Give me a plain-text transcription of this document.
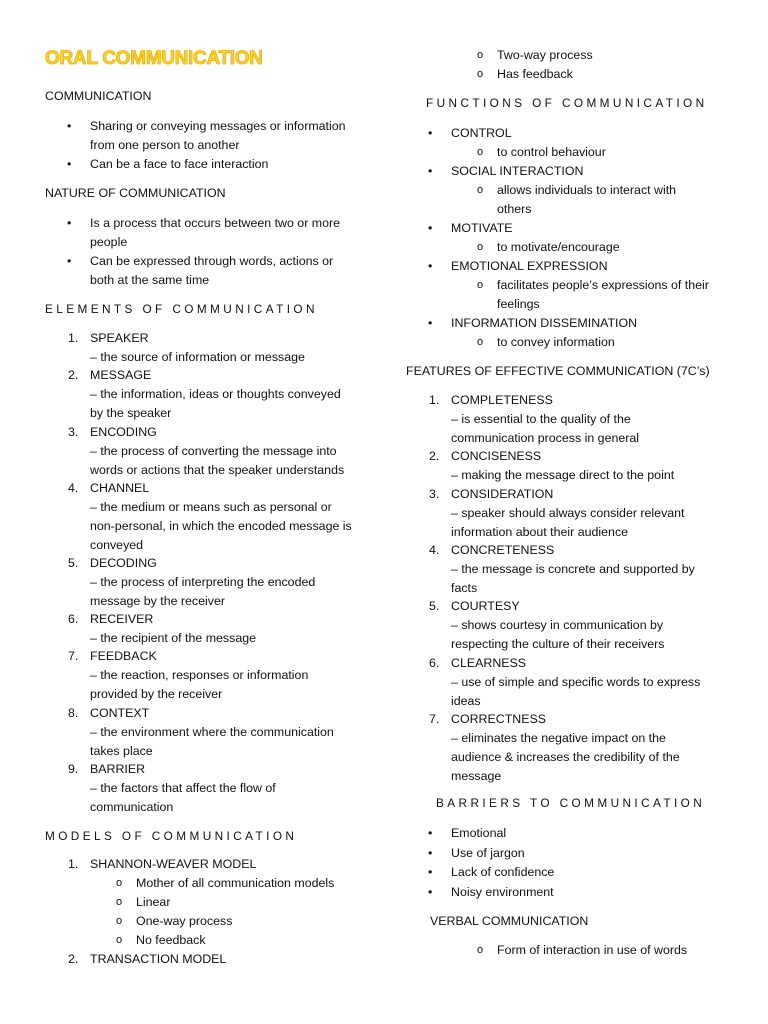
ORAL COMMUNICATION
COMMUNICATION
• Sharing or conveying messages or information
from one person to another
• Can be a face to face interaction
NATURE OF COMMUNICATION
• Is a process that occurs between two or more
people
• Can be expressed through words, actions or
both at the same time
ELEMENTS OF COMMUNICATION
1. SPEAKER
– the source of information or message
2. MESSAGE
– the information, ideas or thoughts conveyed
by the speaker
3. ENCODING
– the process of converting the message into
words or actions that the speaker understands
4. CHANNEL
– the medium or means such as personal or
non-personal, in which the encoded message is
conveyed
5. DECODING
– the process of interpreting the encoded
message by the receiver
6. RECEIVER
– the recipient of the message
7. FEEDBACK
– the reaction, responses or information
provided by the receiver
8. CONTEXT
– the environment where the communication
takes place
9. BARRIER
– the factors that affect the flow of
communication
MODELS OF COMMUNICATION
1. SHANNON-WEAVER MODEL
o Mother of all communication models
o Linear
o One-way process
o No feedback
2. TRANSACTION MODEL
o Two-way process
o Has feedback
FUNCTIONS OF COMMUNICATION
• CONTROL
o to control behaviour
• SOCIAL INTERACTION
o allows individuals to interact with
others
• MOTIVATE
o to motivate/encourage
• EMOTIONAL EXPRESSION
o facilitates people’s expressions of their
feelings
• INFORMATION DISSEMINATION
o to convey information
FEATURES OF EFFECTIVE COMMUNICATION (7C’s)
1. COMPLETENESS
– is essential to the quality of the
communication process in general
2. CONCISENESS
– making the message direct to the point
3. CONSIDERATION
– speaker should always consider relevant
information about their audience
4. CONCRETENESS
– the message is concrete and supported by
facts
5. COURTESY
– shows courtesy in communication by
respecting the culture of their receivers
6. CLEARNESS
– use of simple and specific words to express
ideas
7. CORRECTNESS
– eliminates the negative impact on the
audience & increases the credibility of the
message
BARRIERS TO COMMUNICATION
• Emotional
• Use of jargon
• Lack of confidence
• Noisy environment
VERBAL COMMUNICATION
o Form of interaction in use of words
